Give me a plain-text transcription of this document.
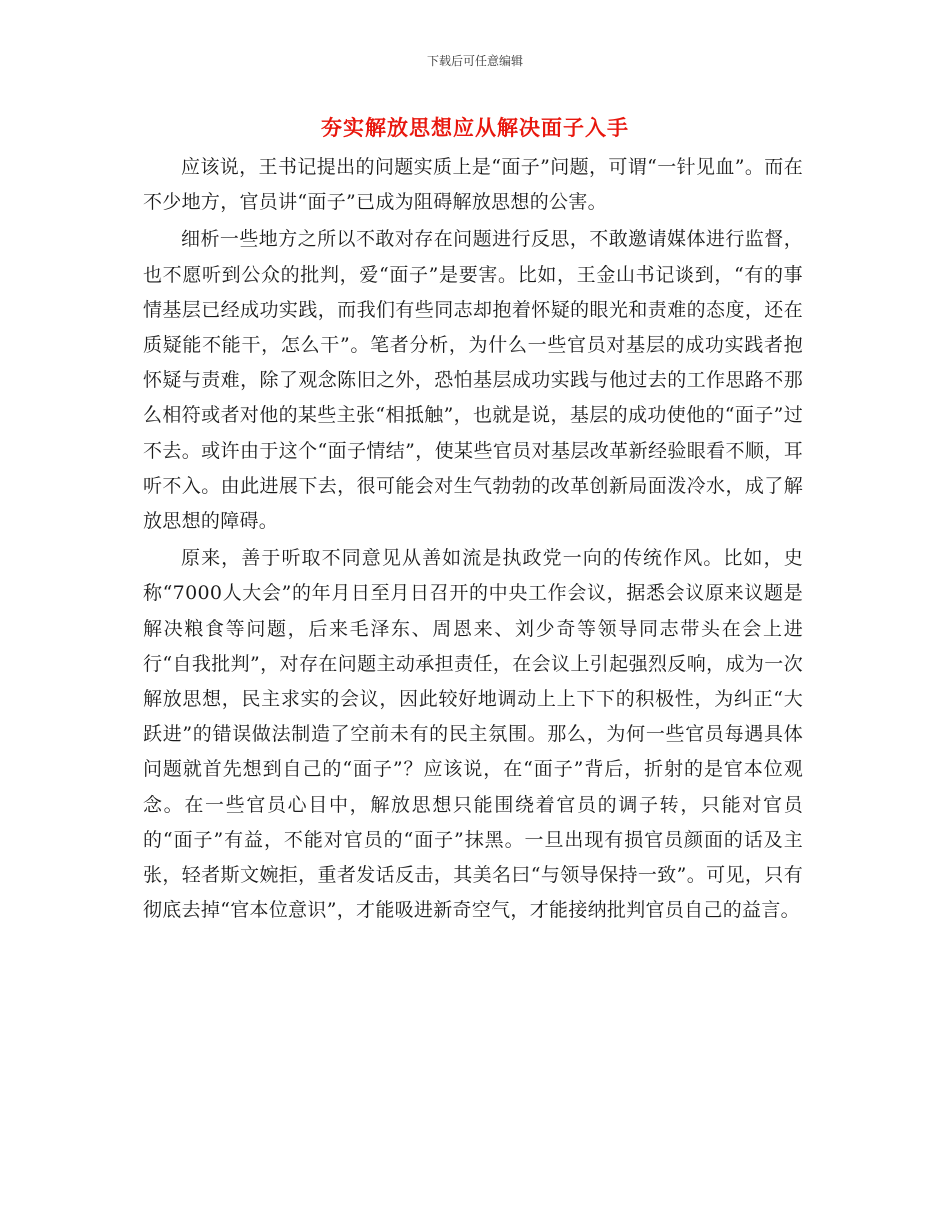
下载后可任意编辑
夯实解放思想应从解决面子入手

应该说，王书记提出的问题实质上是“面子”问题，可谓“一针见血”。而在不少地方，官员讲“面子”已成为阻碍解放思想的公害。

细析一些地方之所以不敢对存在问题进行反思，不敢邀请媒体进行监督，也不愿听到公众的批判，爱“面子”是要害。比如，王金山书记谈到，“有的事情基层已经成功实践，而我们有些同志却抱着怀疑的眼光和责难的态度，还在质疑能不能干，怎么干”。笔者分析，为什么一些官员对基层的成功实践者抱怀疑与责难，除了观念陈旧之外，恐怕基层成功实践与他过去的工作思路不那么相符或者对他的某些主张“相抵触”，也就是说，基层的成功使他的“面子”过不去。或许由于这个“面子情结”，使某些官员对基层改革新经验眼看不顺，耳听不入。由此进展下去，很可能会对生气勃勃的改革创新局面泼冷水，成了解放思想的障碍。

原来，善于听取不同意见从善如流是执政党一向的传统作风。比如，史称“7000人大会”的年月日至月日召开的中央工作会议，据悉会议原来议题是解决粮食等问题，后来毛泽东、周恩来、刘少奇等领导同志带头在会上进行“自我批判”，对存在问题主动承担责任，在会议上引起强烈反响，成为一次解放思想，民主求实的会议，因此较好地调动上上下下的积极性，为纠正“大跃进”的错误做法制造了空前未有的民主氛围。那么，为何一些官员每遇具体问题就首先想到自己的“面子”？应该说，在“面子”背后，折射的是官本位观念。在一些官员心目中，解放思想只能围绕着官员的调子转，只能对官员的“面子”有益，不能对官员的“面子”抹黑。一旦出现有损官员颜面的话及主张，轻者斯文婉拒，重者发话反击，其美名曰“与领导保持一致”。可见，只有彻底去掉“官本位意识”，才能吸进新奇空气，才能接纳批判官员自己的益言。
